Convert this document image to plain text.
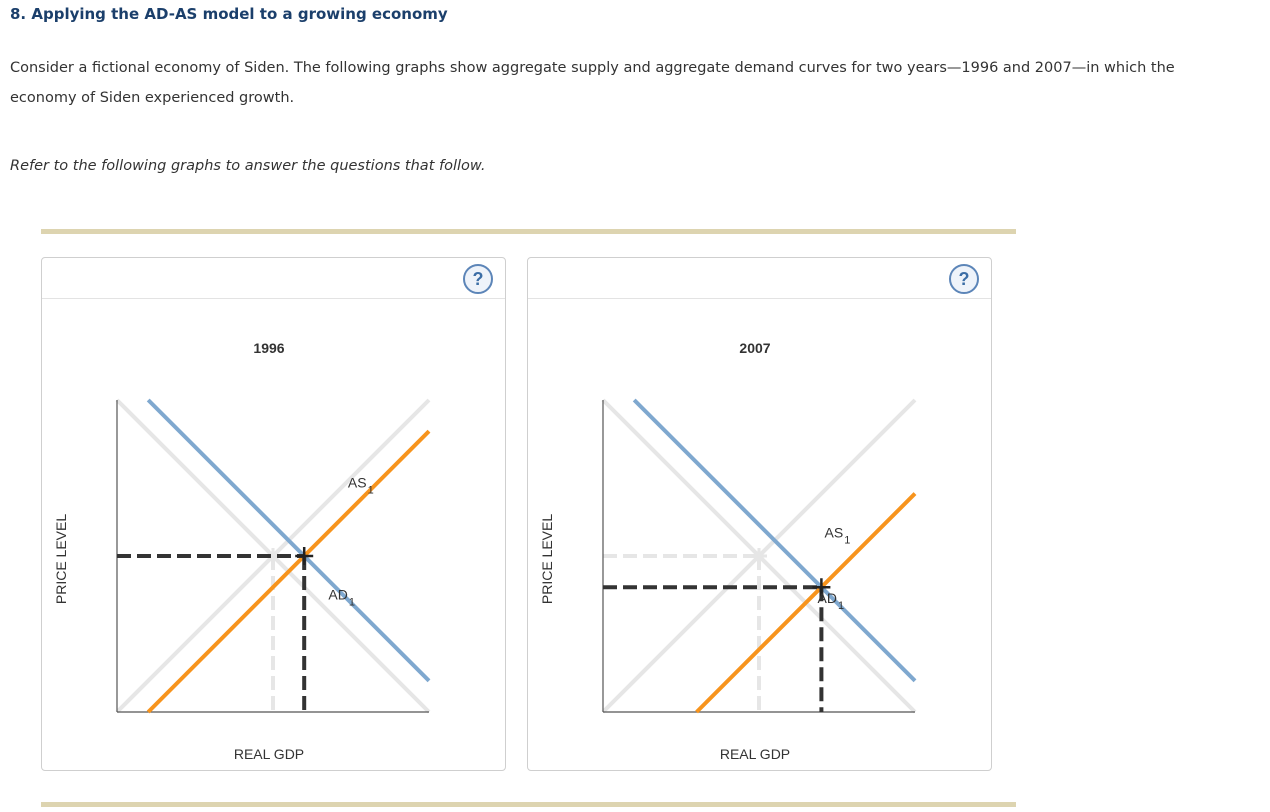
8. Applying the AD-AS model to a growing economy

Consider a fictional economy of Siden. The following graphs show aggregate supply and aggregate demand curves for two years—1996 and 2007—in which the economy of Siden experienced growth.

Refer to the following graphs to answer the questions that follow.

?
1996
REAL GDP
PRICE LEVEL
AS 1
AD 1
?
2007
REAL GDP
PRICE LEVEL	AS 1
AD 1
